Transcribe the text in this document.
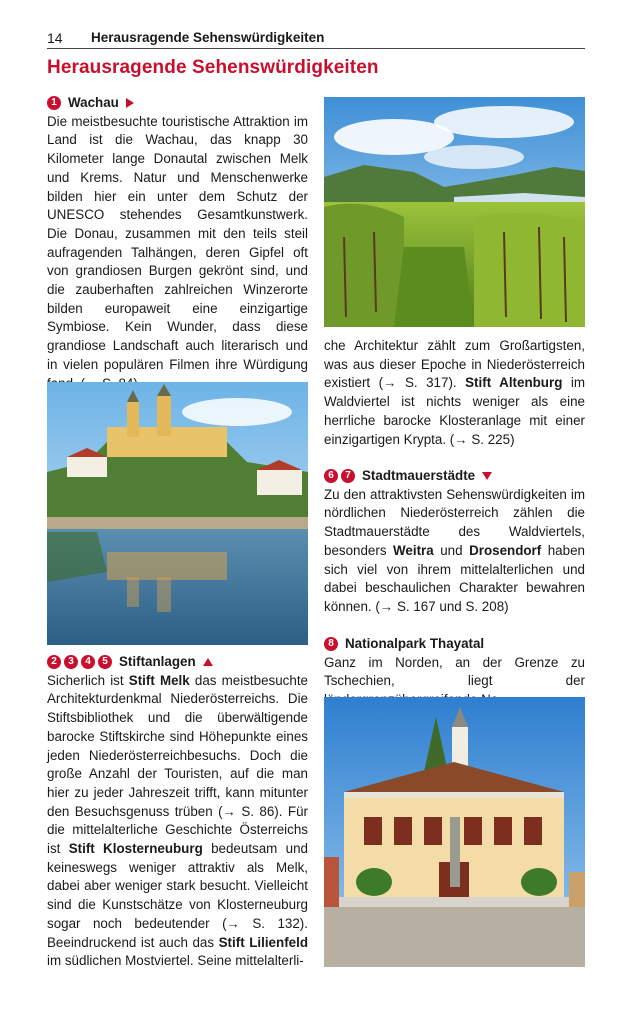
14 Herausragende Sehenswürdigkeiten
Herausragende Sehenswürdigkeiten
1 Wachau

Die meistbesuchte touristische Attraktion im Land ist die Wachau, das knapp 30 Kilometer lange Donautal zwischen Melk und Krems. Natur und Menschenwerke bilden hier ein unter dem Schutz der UNESCO stehendes Gesamtkunstwerk. Die Donau, zusammen mit den teils steil aufragenden Talhängen, deren Gipfel oft von grandiosen Burgen gekrönt sind, und die zauberhaften zahlreichen Winzerorte bilden europaweit eine einzigartige Symbiose. Kein Wunder, dass diese grandiose Landschaft auch literarisch und in vielen populären Filmen ihre Würdigung

che Architektur zählt zum Großartigsten, was aus dieser Epoche in Niederösterreich existiert (→ S. 317). Stift Altenburg im Waldviertel ist nichts weniger als eine herrliche barocke Klosteranlage mit einer einzigartigen Krypta. (→ S. 225)

2	3	4	5 Stiftanlagen

Sicherlich ist Stift Melk das meistbesuchte Architekturdenkmal Niederösterreichs. Die Stiftsbibliothek und die überwältigende barocke Stiftskirche sind Höhepunkte eines jeden Niederösterreichbesuchs. Doch die große Anzahl der Touristen, auf die man hier zu jeder Jahreszeit trifft, kann mitunter den Besuchsgenuss trüben (→ S. 86). Für die mittelalterliche Geschichte Österreichs ist Stift Klosterneuburg bedeutsam und keineswegs weniger attraktiv als Melk, dabei aber weniger stark besucht. Vielleicht sind die Kunstschätze von Klosterneuburg sogar noch bedeutender (→ S. 132). Beeindruckend ist auch das Stift Lilienfeld im südlichen Mostviertel. Seine mittelalterli-

6	7 Stadtmauerstädte

Zu den attraktivsten Sehenswürdigkeiten im nördlichen Niederösterreich zählen die Stadtmauerstädte des Waldviertels, besonders Weitra und Drosendorf haben sich viel von ihrem mittelalterlichen und dabei beschaulichen Charakter bewahren können. (→ S. 167 und S. 208)

8 Nationalpark Thayatal

Ganz im Norden, an der Grenze zu Tschechien, liegt der
